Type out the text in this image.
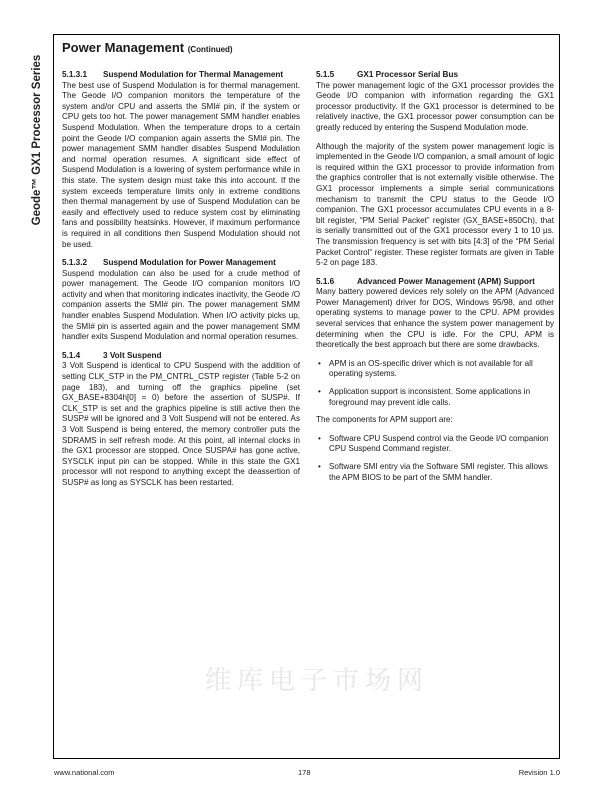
Geode™ GX1 Processor Series
维库电子市场网
Power Management (Continued)
5.1.3.1	Suspend Modulation for Thermal Management

The best use of Suspend Modulation is for thermal management. The Geode I/O companion monitors the temperature of the system and/or CPU and asserts the SMI# pin, if the system or CPU gets too hot. The power management SMM handler enables Suspend Modulation. When the temperature drops to a certain point the Geode I/O companion again asserts the SMI# pin. The power management SMM handler disables Suspend Modulation and normal operation resumes. A significant side effect of Suspend Modulation is a lowering of system performance while in this state. The system design must take this into account. If the system exceeds temperature limits only in extreme conditions then thermal management by use of Suspend Modulation can be easily and effectively used to reduce system cost by eliminating fans and possibility heatsinks. However, if maximum performance is required in all conditions then Suspend Modulation should not be used.

5.1.3.2	Suspend Modulation for Power Management

Suspend modulation can also be used for a crude method of power management. The Geode I/O companion monitors I/O activity and when that monitoring indicates inactivity, the Geode /O companion asserts the SMI# pin. The power management SMM handler enables Suspend Modulation. When I/O activity picks up, the SMI# pin is asserted again and the power management SMM handler exits Suspend Modulation and normal operation resumes.

5.1.4	3 Volt Suspend

3 Volt Suspend is identical to CPU Suspend with the addition of setting CLK_STP in the PM_CNTRL_CSTP register (Table 5-2 on page 183), and turning off the graphics pipeline (set GX_BASE+8304h[0] = 0) before the assertion of SUSP#. If CLK_STP is set and the graphics pipeline is still active then the SUSP# will be ignored and 3 Volt Suspend will not be entered. As 3 Volt Suspend is being entered, the memory controller puts the SDRAMS in self refresh mode. At this point, all internal clocks in the GX1 processor are stopped. Once SUSPA# has gone active, SYSCLK input pin can be stopped. While in this state the GX1 processor will not respond to anything except the deassertion of SUSP# as long as SYSCLK has been restarted.

5.1.5	GX1 Processor Serial Bus

The power management logic of the GX1 processor provides the Geode I/O companion with information regarding the GX1 processor productivity. If the GX1 processor is determined to be relatively inactive, the GX1 processor power consumption can be greatly reduced by entering the Suspend Modulation mode.

Although the majority of the system power management logic is implemented in the Geode I/O companion, a small amount of logic is required within the GX1 processor to provide information from the graphics controller that is not externally visible otherwise. The GX1 processor implements a simple serial communications mechanism to transmit the CPU status to the Geode I/O companion. The GX1 processor accumulates CPU events in a 8-bit register, “PM Serial Packet” register (GX_BASE+850Ch), that is serially transmitted out of the GX1 processor every 1 to 10 µs. The transmission frequency is set with bits [4:3] of the “PM Serial Packet Control” register. These register formats are given in Table 5-2 on page 183.

5.1.6	Advanced Power Management (APM) Support

Many battery powered devices rely solely on the APM (Advanced Power Management) driver for DOS, Windows 95/98, and other operating systems to manage power to the CPU. APM provides several services that enhance the system power management by determining when the CPU is idle. For the CPU, APM is theoretically the best approach but there are some drawbacks.

• APM is an OS-specific driver which is not available for all operating systems.
• Application support is inconsistent. Some applications in foreground may prevent idle calls.

The components for APM support are:

• Software CPU Suspend control via the Geode I/O companion CPU Suspend Command register.
• Software SMI entry via the Software SMI register. This allows the APM BIOS to be part of the SMM handler.
www.national.com	178	Revision 1.0
